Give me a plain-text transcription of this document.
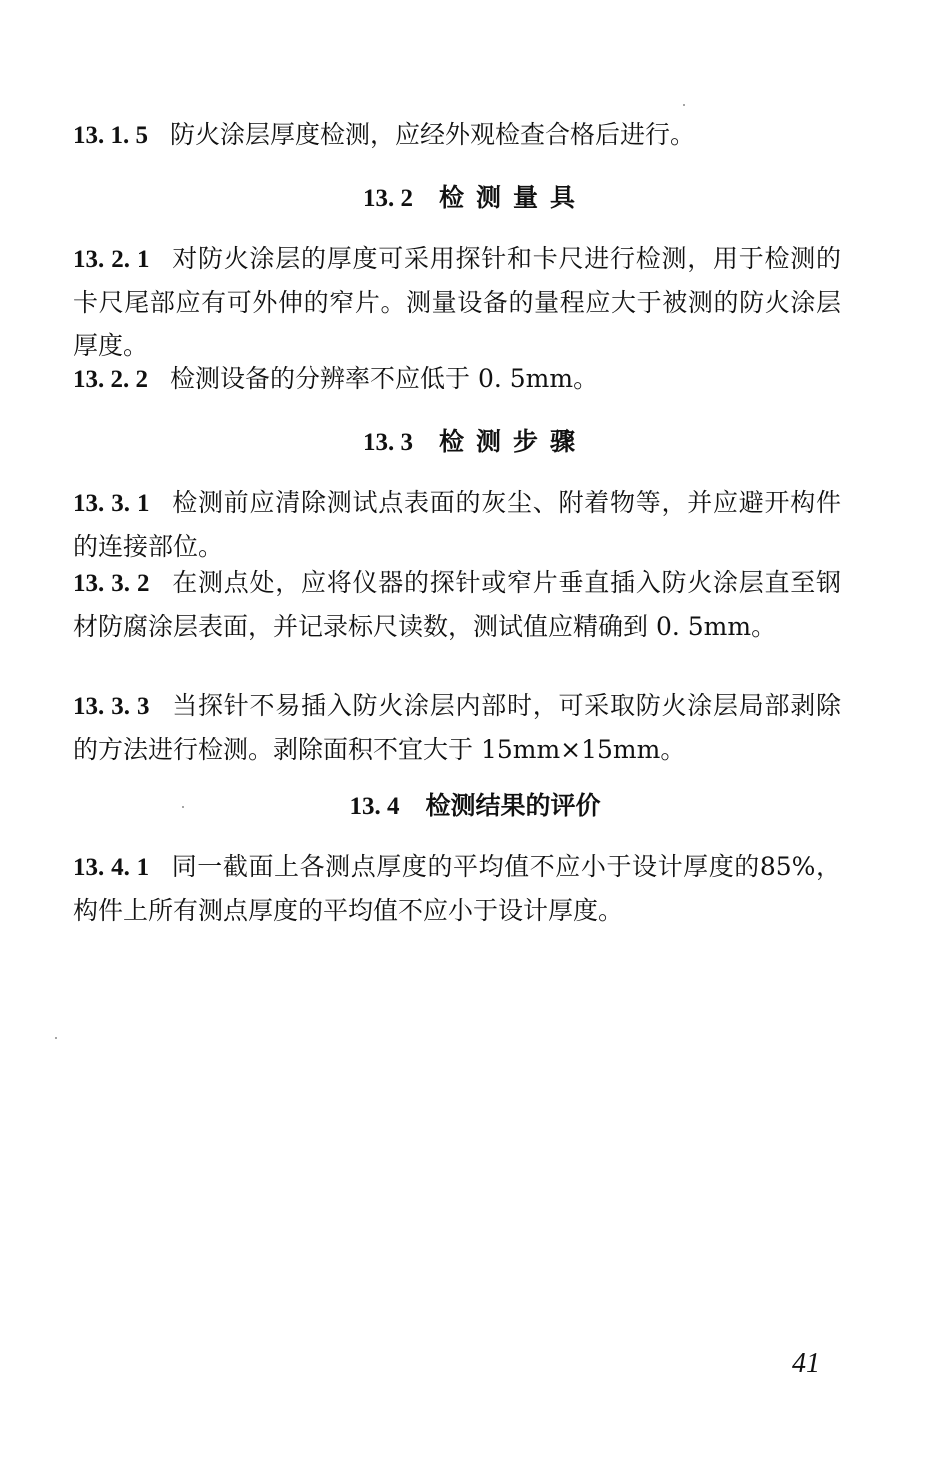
13. 1. 5 防火涂层厚度检测，应经外观检查合格后进行。

13. 2 检测量具

13. 2. 1 对防火涂层的厚度可采用探针和卡尺进行检测，用于检测的卡尺尾部应有可外伸的窄片。测量设备的量程应大于被测的防火涂层厚度。

13. 2. 2 检测设备的分辨率不应低于 0. 5mm。

13. 3 检测步骤

13. 3. 1 检测前应清除测试点表面的灰尘、附着物等，并应避开构件的连接部位。

13. 3. 2 在测点处，应将仪器的探针或窄片垂直插入防火涂层直至钢材防腐涂层表面，并记录标尺读数，测试值应精确到 0. 5mm。

13. 3. 3 当探针不易插入防火涂层内部时，可采取防火涂层局部剥除的方法进行检测。剥除面积不宜大于 15mm×15mm。

13. 4 检测结果的评价

13. 4. 1 同一截面上各测点厚度的平均值不应小于设计厚度的85%，构件上所有测点厚度的平均值不应小于设计厚度。

41
